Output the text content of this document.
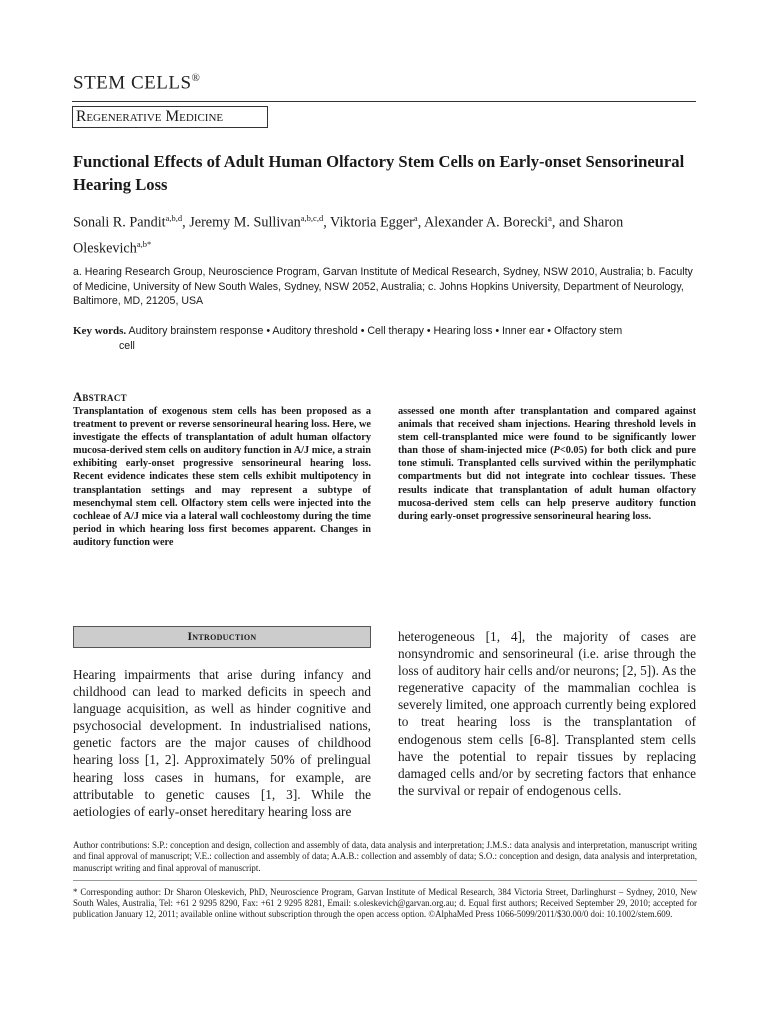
STEM CELLS®
Regenerative Medicine
Functional Effects of Adult Human Olfactory Stem Cells on Early-onset Sensorineural Hearing Loss
Sonali R. Pandit$^{a,b,d}$, Jeremy M. Sullivan$^{a,b,c,d}$, Viktoria Egger$^a$, Alexander A. Borecki$^a$, and Sharon Oleskevich$^{a,b*}$
a. Hearing Research Group, Neuroscience Program, Garvan Institute of Medical Research, Sydney, NSW 2010, Australia; b. Faculty of Medicine, University of New South Wales, Sydney, NSW 2052, Australia; c. Johns Hopkins University, Department of Neurology, Baltimore, MD, 21205, USA
Key words. Auditory brainstem response • Auditory threshold • Cell therapy • Hearing loss • Inner ear • Olfactory stem
cell
Abstract
Transplantation of exogenous stem cells has been proposed as a treatment to prevent or reverse sensorineural hearing loss. Here, we investigate the effects of transplantation of adult human olfactory mucosa-derived stem cells on auditory function in A/J mice, a strain exhibiting early-onset progressive sensorineural hearing loss. Recent evidence indicates these stem cells exhibit multipotency in transplantation settings and may represent a subtype of mesenchymal stem cell. Olfactory stem cells were injected into the cochleae of A/J mice via a lateral wall cochleostomy during the time period in which hearing loss first becomes apparent. Changes in auditory function were
assessed one month after transplantation and compared against animals that received sham injections. Hearing threshold levels in stem cell-transplanted mice were found to be significantly lower than those of sham-injected mice (P<0.05) for both click and pure tone stimuli. Transplanted cells survived within the perilymphatic compartments but did not integrate into cochlear tissues. These results indicate that transplantation of adult human olfactory mucosa-derived stem cells can help preserve auditory function during early-onset progressive sensorineural hearing loss.
Introduction
Hearing impairments that arise during infancy and childhood can lead to marked deficits in speech and language acquisition, as well as hinder cognitive and psychosocial development. In industrialised nations, genetic factors are the major causes of childhood hearing loss [1, 2]. Approximately 50% of prelingual hearing loss cases in humans, for example, are attributable to genetic causes [1, 3]. While the aetiologies of early-onset hereditary hearing loss are
heterogeneous [1, 4], the majority of cases are nonsyndromic and sensorineural (i.e. arise through the loss of auditory hair cells and/or neurons; [2, 5]). As the regenerative capacity of the mammalian cochlea is severely limited, one approach currently being explored to treat hearing loss is the transplantation of endogenous stem cells [6-8]. Transplanted stem cells have the potential to repair tissues by replacing damaged cells and/or by secreting factors that enhance the survival or repair of endogenous cells.
Author contributions: S.P.: conception and design, collection and assembly of data, data analysis and interpretation; J.M.S.: data analysis and interpretation, manuscript writing and final approval of manuscript; V.E.: collection and assembly of data; A.A.B.: collection and assembly of data; S.O.: conception and design, data analysis and interpretation, manuscript writing and final approval of manuscript.
* Corresponding author: Dr Sharon Oleskevich, PhD, Neuroscience Program, Garvan Institute of Medical Research, 384 Victoria Street, Darlinghurst – Sydney, 2010, New South Wales, Australia, Tel: +61 2 9295 8290, Fax: +61 2 9295 8281, Email: s.oleskevich@garvan.org.au; d. Equal first authors; Received September 29, 2010; accepted for publication January 12, 2011; available online without subscription through the open access option. ©AlphaMed Press 1066-5099/2011/$30.00/0 doi: 10.1002/stem.609.
